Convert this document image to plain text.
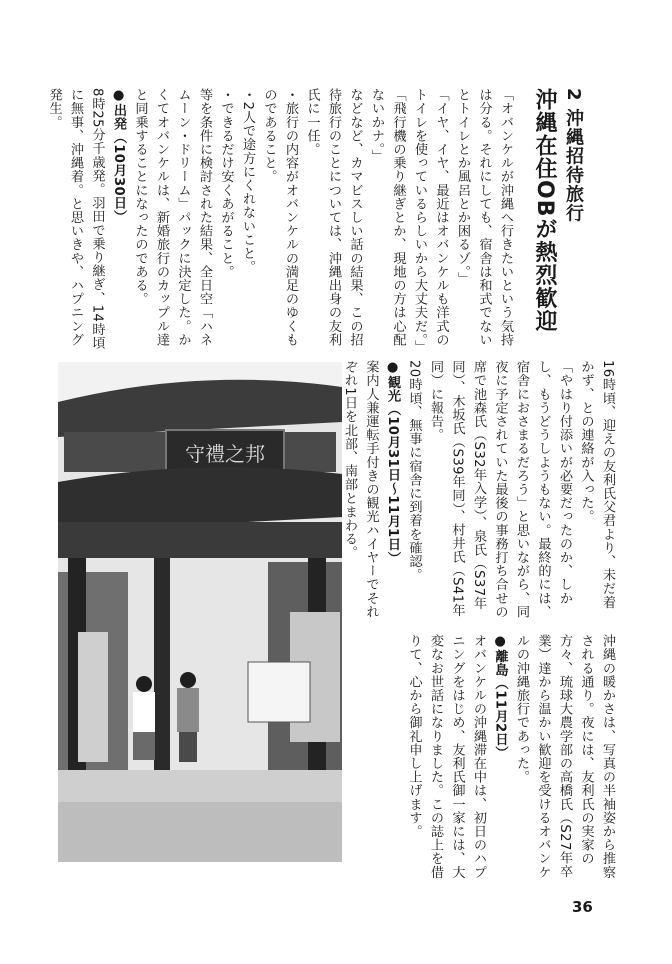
2 沖縄招待旅行
沖縄在住OBが熱烈歓迎

「オバンケルが沖縄へ行きたいという気持は分る。それにしても、宿舎は和式でないとトイレとか風呂とか困るゾ。」

「イヤ、イヤ、最近はオバンケルも洋式のトイレを使っているらしいから大丈夫だ。」

「飛行機の乗り継ぎとか、現地の方は心配ないかナ。」

などなど、カマビスしい話の結果、この招待旅行のことについては、沖縄出身の友利氏に一任。

・旅行の内容がオバンケルの満足のゆくものであること。

・2人で途方にくれないこと。

・できるだけ安くあがること。

等を条件に検討された結果、全日空「ハネムーン・ドリーム」パックに決定した。かくてオバンケルは、新婚旅行のカップル達と同乗することになったのである。

●出発（10月30日）

8時25分千歳発。羽田で乗り継ぎ、14時頃に無事、沖縄着。と思いきや、ハプニング発生。

16時頃、迎えの友利氏父君より、未だ着かず、との連絡が入った。

「やはり付添いが必要だったのか、しかし、もうどうしようもない。最終的には、宿舎におさまるだろう」と思いながら、同夜に予定されていた最後の事務打ち合せの席で池森氏（S32年入学）、泉氏（S37年同）、木坂氏（S39年同）、村井氏（S41年同）に報告。

20時頃、無事に宿舎に到着を確認。

●観光（10月31日～11月1日）

案内人兼運転手付きの観光ハイヤーでそれぞれ1日を北部、南部とまわる。

沖縄の暖かさは、写真の半袖姿から推察される通り。夜には、友利氏の実家の方々、琉球大農学部の高橋氏（S27年卒業）達から温かい歓迎を受けるオバンケルの沖縄旅行であった。

●離島（11月2日）

オバンケルの沖縄滞在中は、初日のハプニングをはじめ、友利氏御一家には、大変なお世話になりました。この誌上を借りて、心から御礼申し上げます。

守禮之邦
36
